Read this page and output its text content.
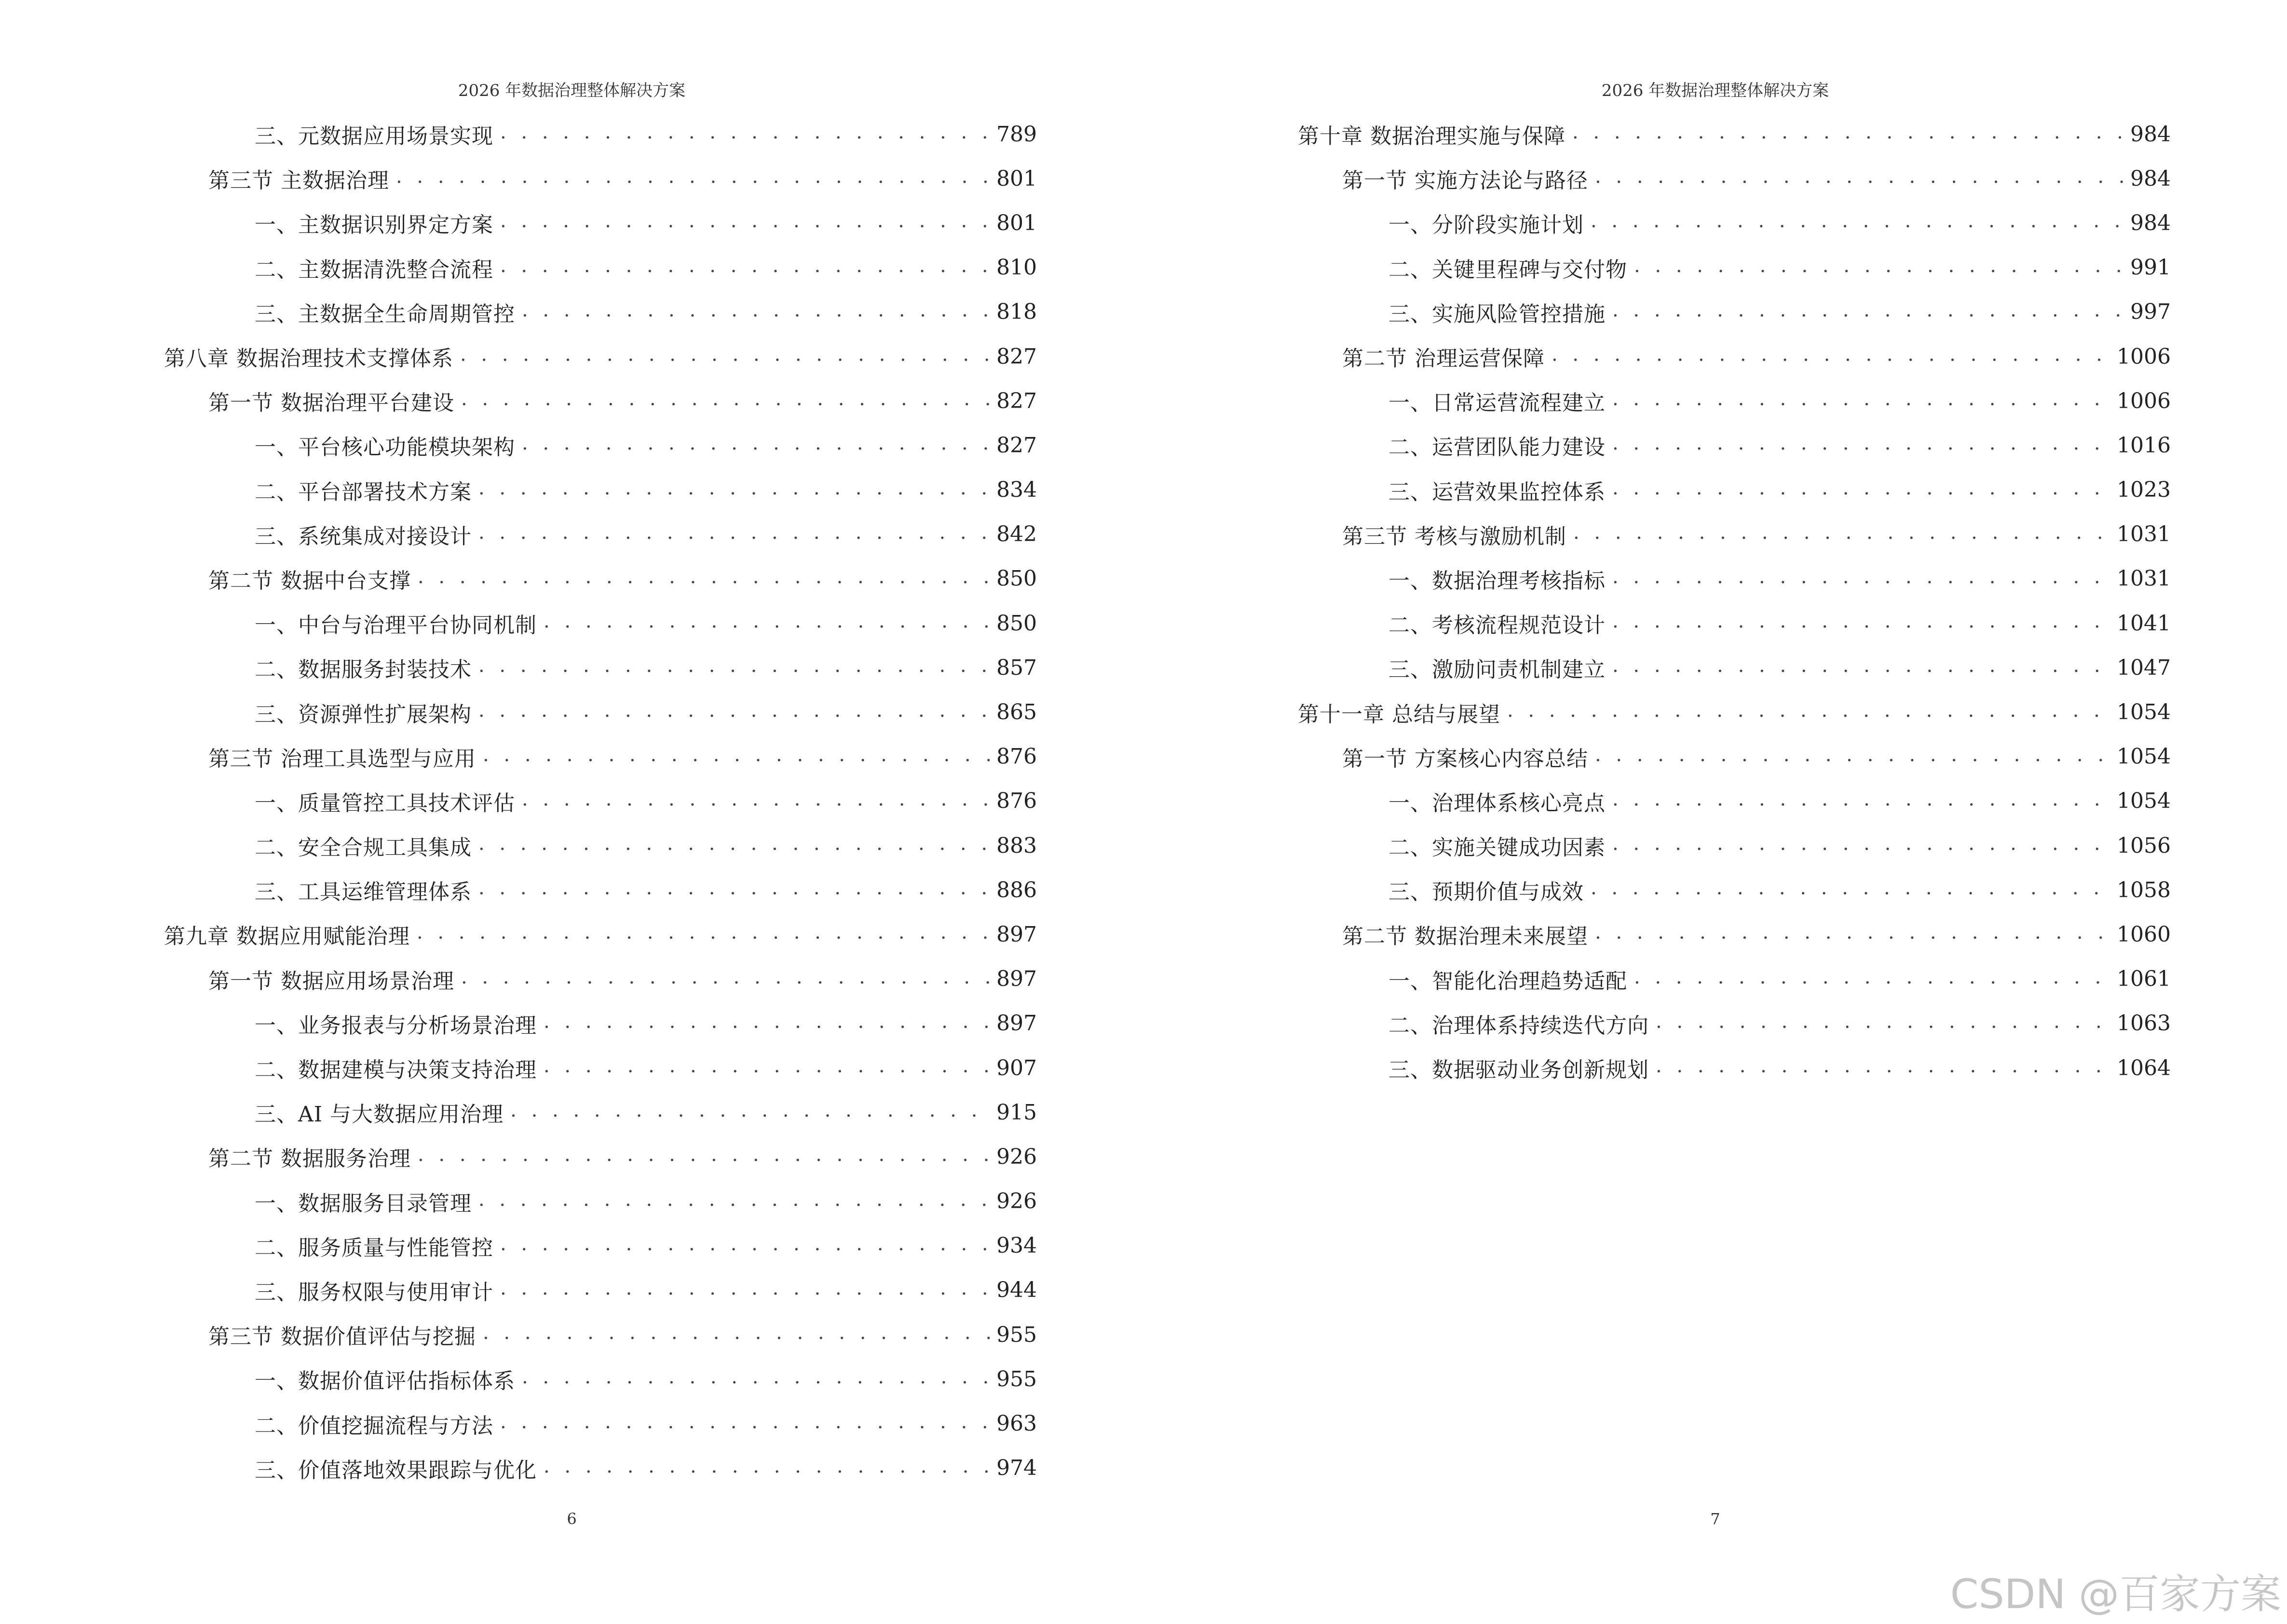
2026 年数据治理整体解决方案
三、元数据应用场景实现 . . .	789
第三节 主数据治理 . . .	801
一、主数据识别界定方案 . . .	801
二、主数据清洗整合流程 . . .	810
三、主数据全生命周期管控 . . .	818
第八章 数据治理技术支撑体系 . . .	827
第一节 数据治理平台建设 . . .	827
一、平台核心功能模块架构 . . .	827
二、平台部署技术方案 . . .	834
三、系统集成对接设计 . . .	842
第二节 数据中台支撑 . . .	850
一、中台与治理平台协同机制 . . .	850
二、数据服务封装技术 . . .	857
三、资源弹性扩展架构 . . .	865
第三节 治理工具选型与应用 . . .	876
一、质量管控工具技术评估 . . .	876
二、安全合规工具集成 . . .	883
三、工具运维管理体系 . . .	886
第九章 数据应用赋能治理 . . .	897
第一节 数据应用场景治理 . . .	897
一、业务报表与分析场景治理 . . .	897
二、数据建模与决策支持治理 . . .	907
三、AI 与大数据应用治理 . . .	915
第二节 数据服务治理 . . .	926
一、数据服务目录管理 . . .	926
二、服务质量与性能管控 . . .	934
三、服务权限与使用审计 . . .	944
第三节 数据价值评估与挖掘 . . .	955
一、数据价值评估指标体系 . . .	955
二、价值挖掘流程与方法 . . .	963
三、价值落地效果跟踪与优化 . . .	974
6
2026 年数据治理整体解决方案
第十章 数据治理实施与保障 . . .	984
第一节 实施方法论与路径 . . .	984
一、分阶段实施计划 . . .	984
二、关键里程碑与交付物 . . .	991
三、实施风险管控措施 . . .	997
第二节 治理运营保障 . . .	1006
一、日常运营流程建立 . . .	1006
二、运营团队能力建设 . . .	1016
三、运营效果监控体系 . . .	1023
第三节 考核与激励机制 . . .	1031
一、数据治理考核指标 . . .	1031
二、考核流程规范设计 . . .	1041
三、激励问责机制建立 . . .	1047
第十一章 总结与展望 . . .	1054
第一节 方案核心内容总结 . . .	1054
一、治理体系核心亮点 . . .	1054
二、实施关键成功因素 . . .	1056
三、预期价值与成效 . . .	1058
第二节 数据治理未来展望 . . .	1060
一、智能化治理趋势适配 . . .	1061
二、治理体系持续迭代方向 . . .	1063
三、数据驱动业务创新规划 . . .	1064
7
CSDN @百家方案
